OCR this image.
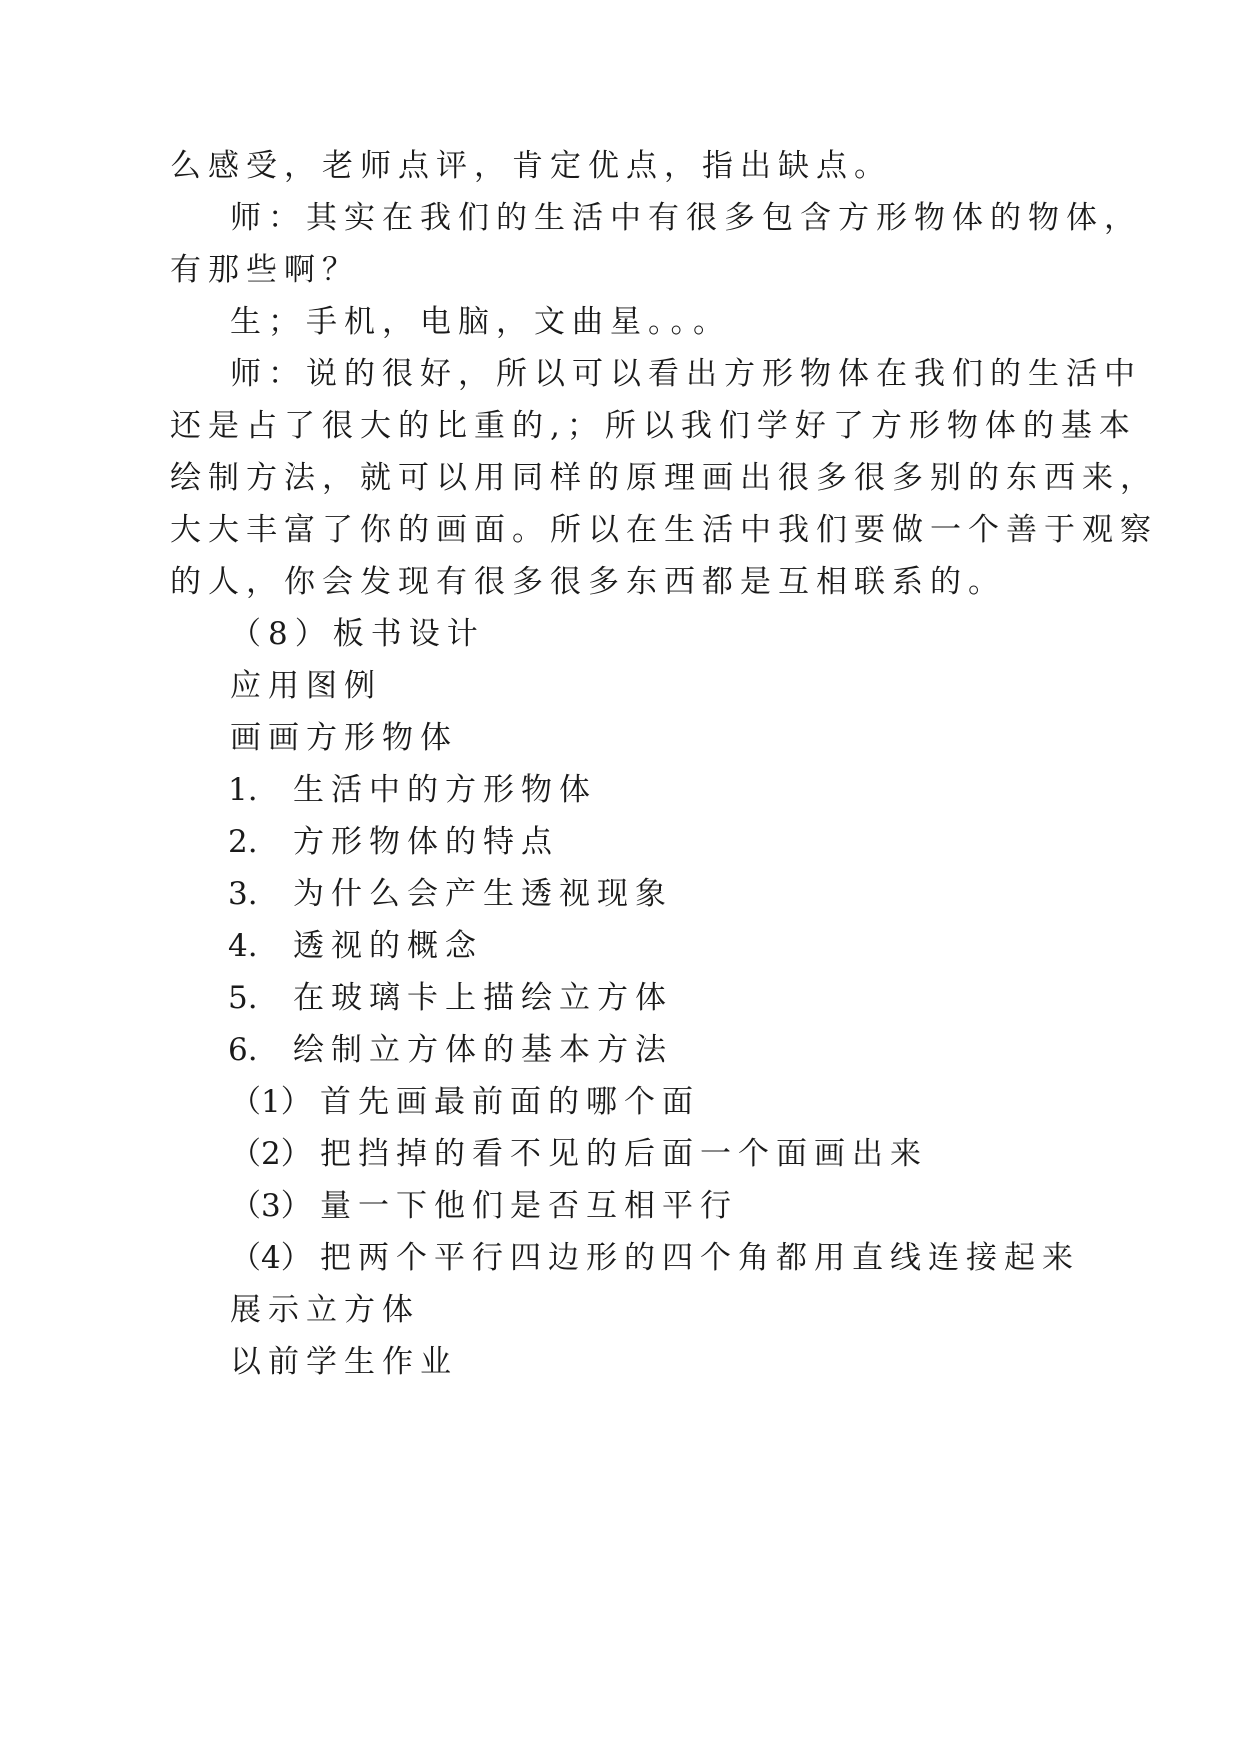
么感受，老师点评，肯定优点，指出缺点。
师：其实在我们的生活中有很多包含方形物体的物体，
有那些啊？
生；手机，电脑，文曲星。。。
师：说的很好，所以可以看出方形物体在我们的生活中
还是占了很大的比重的,；所以我们学好了方形物体的基本
绘制方法，就可以用同样的原理画出很多很多别的东西来，
大大丰富了你的画面。所以在生活中我们要做一个善于观察
的人，你会发现有很多很多东西都是互相联系的。
（8）板书设计
应用图例
画画方形物体
1. 生活中的方形物体
2. 方形物体的特点
3. 为什么会产生透视现象
4. 透视的概念
5. 在玻璃卡上描绘立方体
6. 绘制立方体的基本方法
（1） 首先画最前面的哪个面
（2） 把挡掉的看不见的后面一个面画出来
（3） 量一下他们是否互相平行
（4） 把两个平行四边形的四个角都用直线连接起来
展示立方体
以前学生作业
